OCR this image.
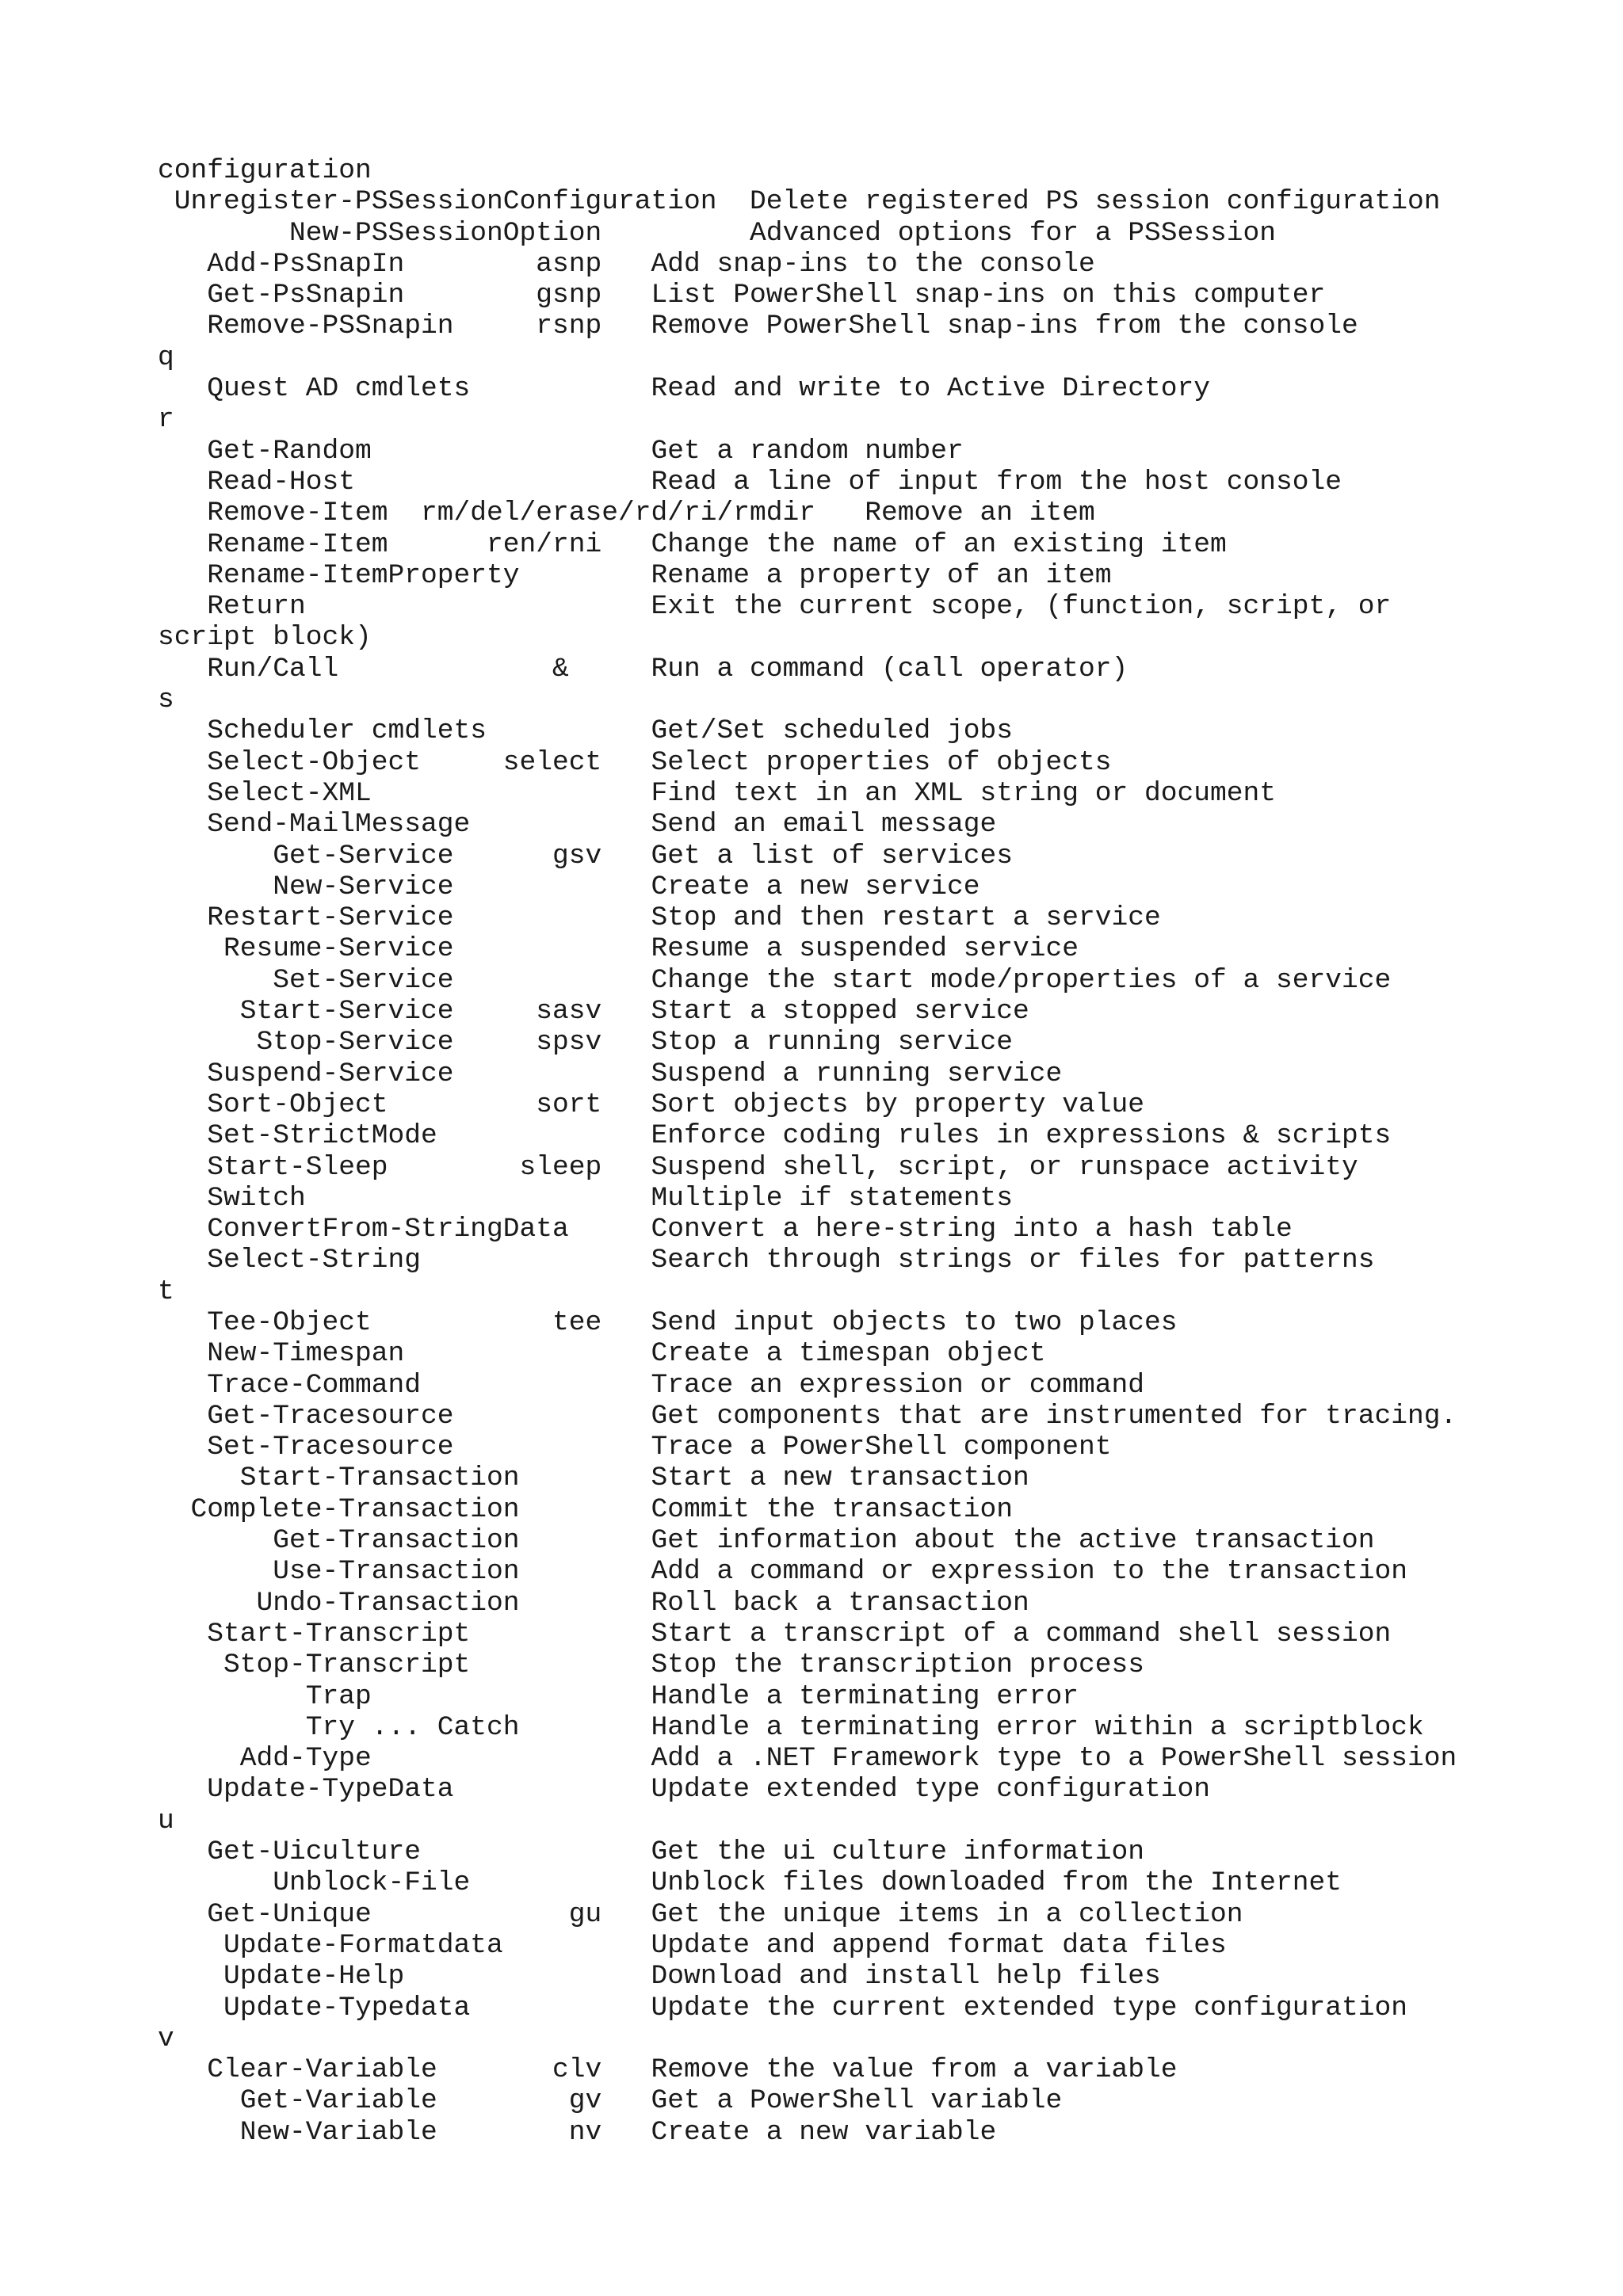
configuration
Unregister-PSSessionConfiguration  Delete registered PS session configuration
New-PSSessionOption         Advanced options for a PSSession
Add-PsSnapIn        asnp   Add snap-ins to the console
Get-PsSnapin        gsnp   List PowerShell snap-ins on this computer
Remove-PSSnapin     rsnp   Remove PowerShell snap-ins from the console
q
Quest AD cmdlets           Read and write to Active Directory
r
Get-Random                 Get a random number
Read-Host                  Read a line of input from the host console
Remove-Item  rm/del/erase/rd/ri/rmdir   Remove an item
Rename-Item      ren/rni   Change the name of an existing item
Rename-ItemProperty        Rename a property of an item
Return                     Exit the current scope, (function, script, or
script block)
Run/Call             &     Run a command (call operator)
s
Scheduler cmdlets          Get/Set scheduled jobs
Select-Object     select   Select properties of objects
Select-XML                 Find text in an XML string or document
Send-MailMessage           Send an email message
Get-Service      gsv   Get a list of services
New-Service            Create a new service
Restart-Service            Stop and then restart a service
Resume-Service            Resume a suspended service
Set-Service            Change the start mode/properties of a service
Start-Service     sasv   Start a stopped service
Stop-Service     spsv   Stop a running service
Suspend-Service            Suspend a running service
Sort-Object         sort   Sort objects by property value
Set-StrictMode             Enforce coding rules in expressions & scripts
Start-Sleep        sleep   Suspend shell, script, or runspace activity
Switch                     Multiple if statements
ConvertFrom-StringData     Convert a here-string into a hash table
Select-String              Search through strings or files for patterns
t
Tee-Object           tee   Send input objects to two places
New-Timespan               Create a timespan object
Trace-Command              Trace an expression or command
Get-Tracesource            Get components that are instrumented for tracing.
Set-Tracesource            Trace a PowerShell component
Start-Transaction        Start a new transaction
Complete-Transaction        Commit the transaction
Get-Transaction        Get information about the active transaction
Use-Transaction        Add a command or expression to the transaction
Undo-Transaction        Roll back a transaction
Start-Transcript           Start a transcript of a command shell session
Stop-Transcript           Stop the transcription process
Trap                 Handle a terminating error
Try ... Catch        Handle a terminating error within a scriptblock
Add-Type                 Add a .NET Framework type to a PowerShell session
Update-TypeData            Update extended type configuration
u
Get-Uiculture              Get the ui culture information
Unblock-File           Unblock files downloaded from the Internet
Get-Unique            gu   Get the unique items in a collection
Update-Formatdata         Update and append format data files
Update-Help               Download and install help files
Update-Typedata           Update the current extended type configuration
v
Clear-Variable       clv   Remove the value from a variable
Get-Variable        gv   Get a PowerShell variable
New-Variable        nv   Create a new variable
